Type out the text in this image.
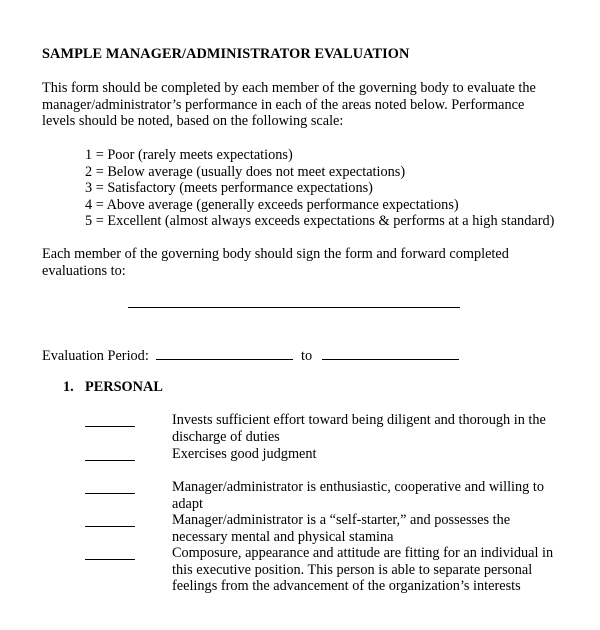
SAMPLE MANAGER/ADMINISTRATOR EVALUATION
This form should be completed by each member of the governing body to evaluate the
manager/administrator’s performance in each of the areas noted below. Performance
levels should be noted, based on the following scale:
1 = Poor (rarely meets expectations)
2 = Below average (usually does not meet expectations)
3 = Satisfactory (meets performance expectations)
4 = Above average (generally exceeds performance expectations)
5 = Excellent (almost always exceeds expectations & performs at a high standard)
Each member of the governing body should sign the form and forward completed
evaluations to:
Evaluation Period:	to
1. PERSONAL
Invests sufficient effort toward being diligent and thorough in the
discharge of duties
Exercises good judgment
Manager/administrator is enthusiastic, cooperative and willing to
adapt
Manager/administrator is a “self-starter,” and possesses the
necessary mental and physical stamina
Composure, appearance and attitude are fitting for an individual in
this executive position. This person is able to separate personal
feelings from the advancement of the organization’s interests
